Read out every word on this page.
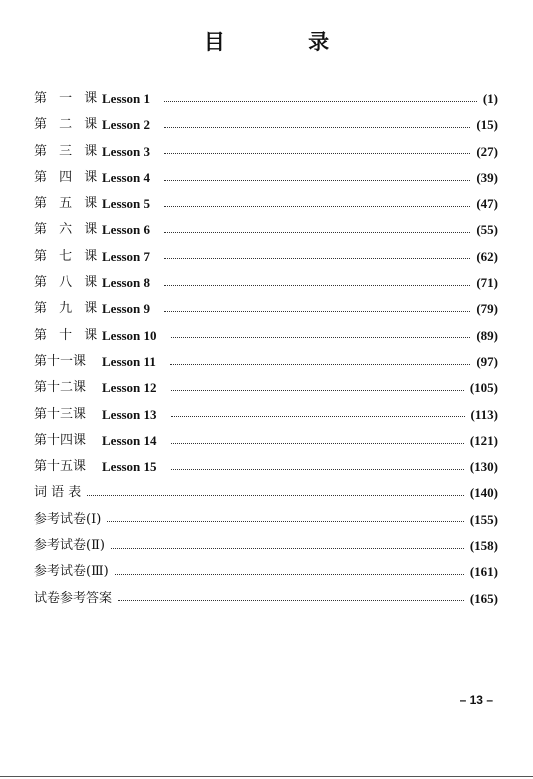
目 录
第 一 课 Lesson 1	(1)
第 二 课 Lesson 2	(15)
第 三 课 Lesson 3	(27)
第 四 课 Lesson 4	(39)
第 五 课 Lesson 5	(47)
第 六 课 Lesson 6	(55)
第 七 课 Lesson 7	(62)
第 八 课 Lesson 8	(71)
第 九 课 Lesson 9	(79)
第 十 课 Lesson 10	(89)
第十一课	Lesson 11	(97)
第十二课	Lesson 12	(105)
第十三课	Lesson 13	(113)
第十四课	Lesson 14	(121)
第十五课	Lesson 15	(130)
词 语 表	(140)
参考试卷(Ⅰ)	(155)
参考试卷(Ⅱ)	(158)
参考试卷(Ⅲ)	(161)
试卷参考答案	(165)
– 13 –
